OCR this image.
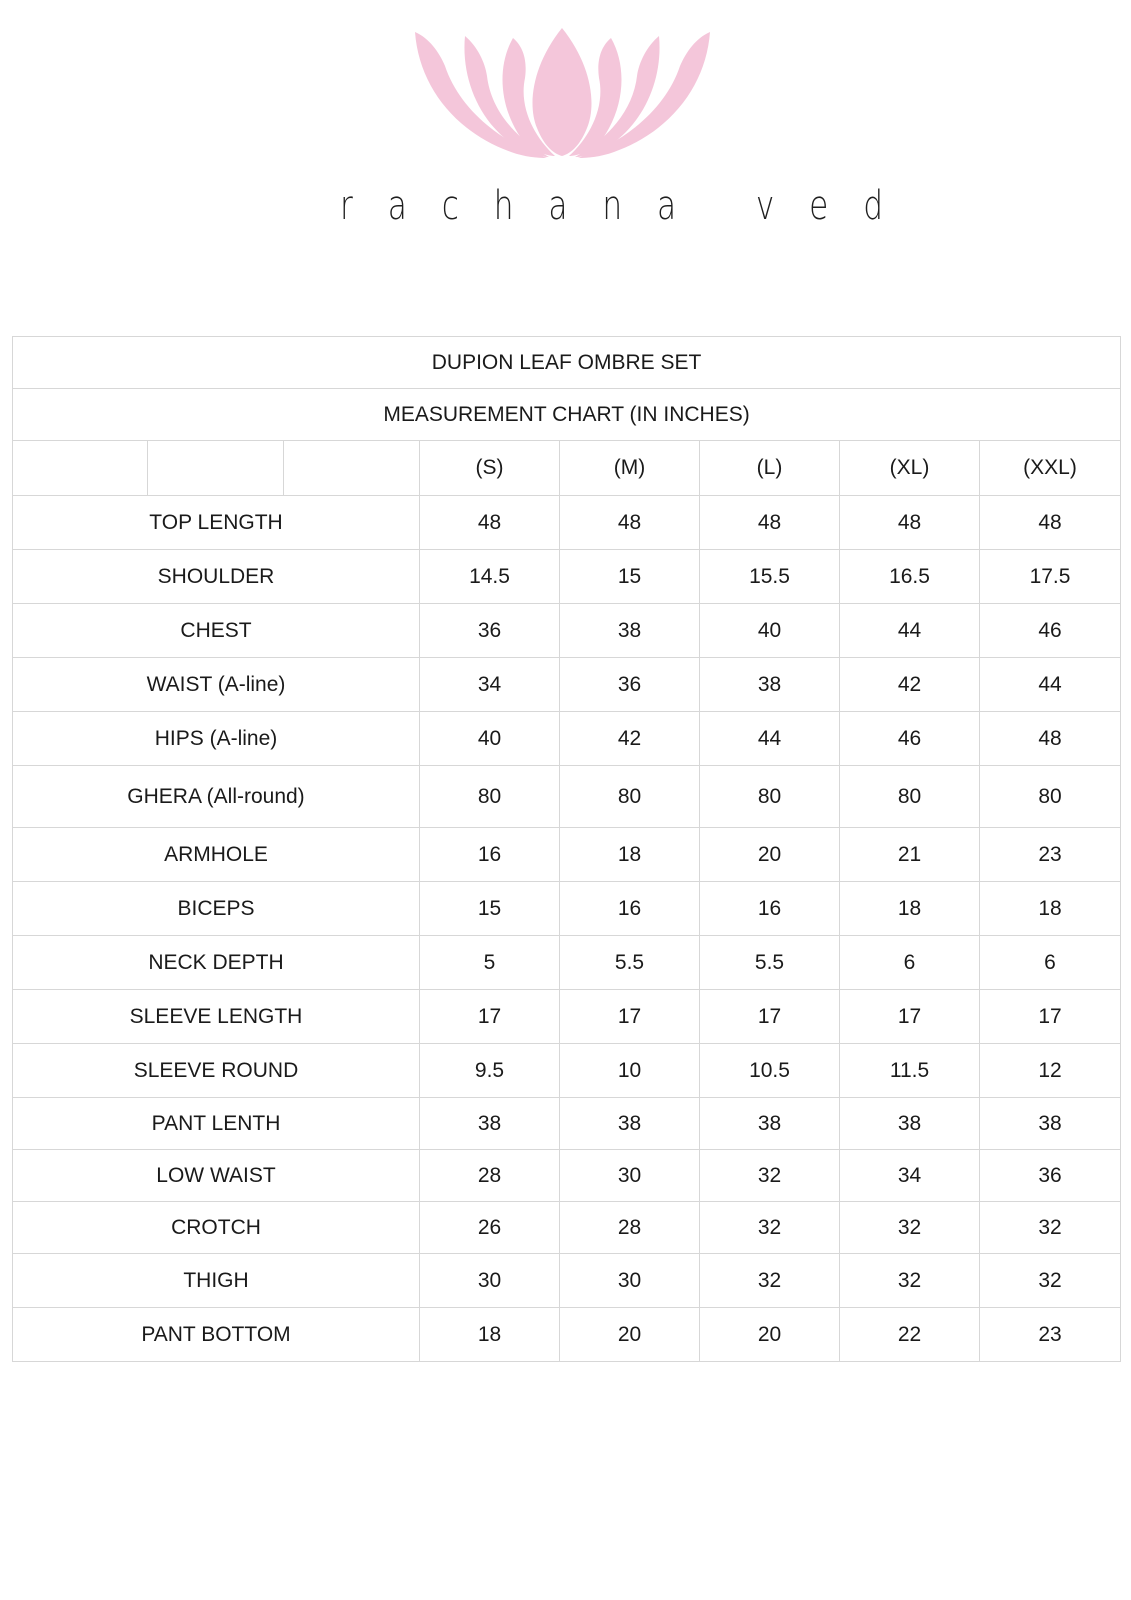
r a c h a n a   v e d
DUPION LEAF OMBRE SET							
MEASUREMENT CHART (IN INCHES)							
			(S)	(M)	(L)	(XL)	(XXL)
TOP LENGTH			48	48	48	48	48
SHOULDER			14.5	15	15.5	16.5	17.5
CHEST			36	38	40	44	46
WAIST (A-line)			34	36	38	42	44
HIPS (A-line)			40	42	44	46	48
GHERA (All-round)			80	80	80	80	80
ARMHOLE			16	18	20	21	23
BICEPS			15	16	16	18	18
NECK DEPTH			5	5.5	5.5	6	6
SLEEVE LENGTH			17	17	17	17	17
SLEEVE ROUND			9.5	10	10.5	11.5	12
PANT LENTH			38	38	38	38	38
LOW WAIST			28	30	32	34	36
CROTCH			26	28	32	32	32
THIGH			30	30	32	32	32
PANT BOTTOM			18	20	20	22	23
